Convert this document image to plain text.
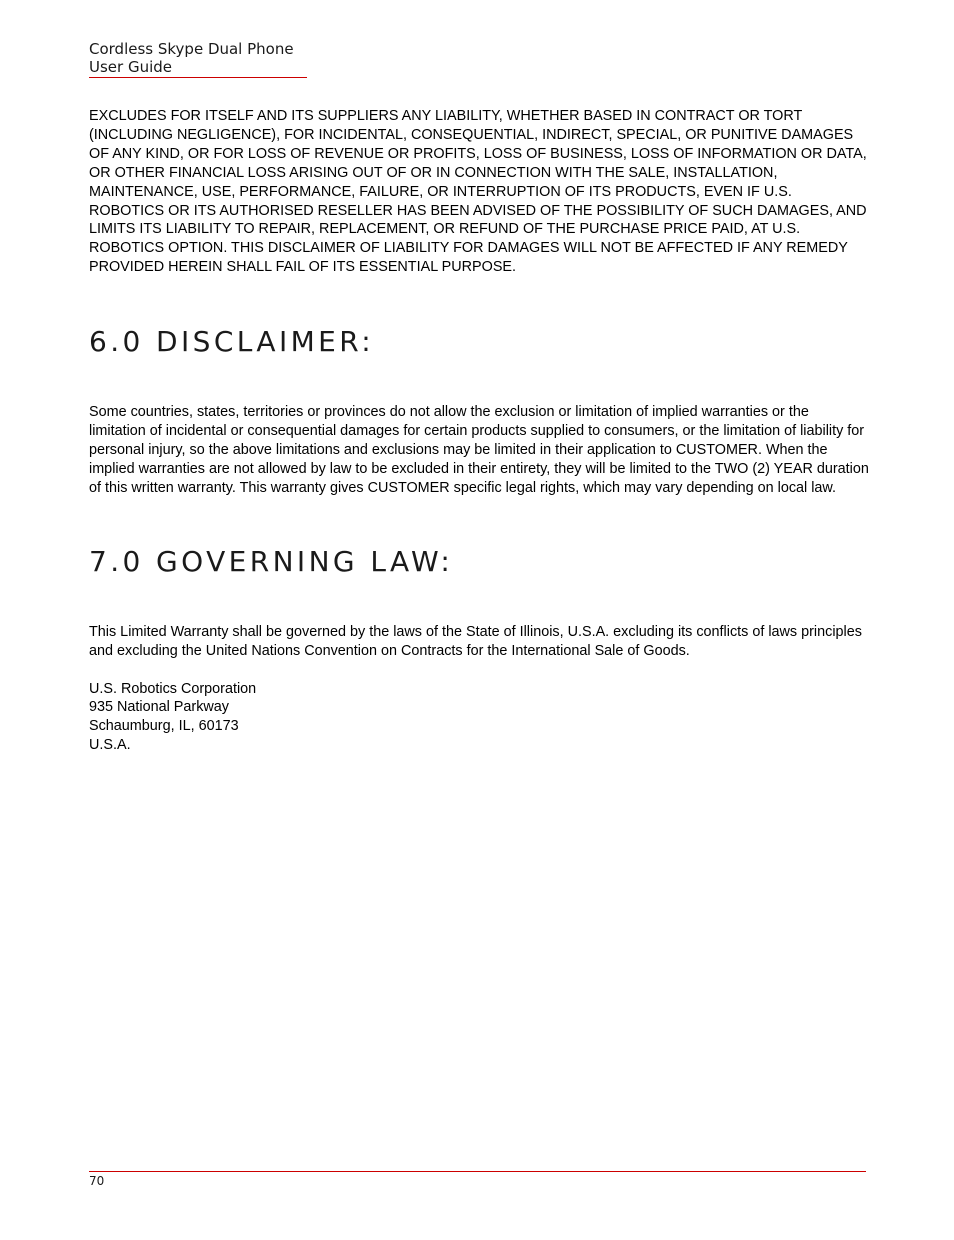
Cordless Skype Dual Phone
User Guide

EXCLUDES FOR ITSELF AND ITS SUPPLIERS ANY LIABILITY, WHETHER BASED IN CONTRACT OR TORT (INCLUDING NEGLIGENCE), FOR INCIDENTAL, CONSEQUENTIAL, INDIRECT, SPECIAL, OR PUNITIVE DAMAGES OF ANY KIND, OR FOR LOSS OF REVENUE OR PROFITS, LOSS OF BUSINESS, LOSS OF INFORMATION OR DATA, OR OTHER FINANCIAL LOSS ARISING OUT OF OR IN CONNECTION WITH THE SALE, INSTALLATION, MAINTENANCE, USE, PERFORMANCE, FAILURE, OR INTERRUPTION OF ITS PRODUCTS, EVEN IF U.S. ROBOTICS OR ITS AUTHORISED RESELLER HAS BEEN ADVISED OF THE POSSIBILITY OF SUCH DAMAGES, AND LIMITS ITS LIABILITY TO REPAIR, REPLACEMENT, OR REFUND OF THE PURCHASE PRICE PAID, AT U.S. ROBOTICS OPTION. THIS DISCLAIMER OF LIABILITY FOR DAMAGES WILL NOT BE AFFECTED IF ANY REMEDY PROVIDED HEREIN SHALL FAIL OF ITS ESSENTIAL PURPOSE.

6.0 DISCLAIMER:

Some countries, states, territories or provinces do not allow the exclusion or limitation of implied warranties or the limitation of incidental or consequential damages for certain products supplied to consumers, or the limitation of liability for personal injury, so the above limitations and exclusions may be limited in their application to CUSTOMER. When the implied warranties are not allowed by law to be excluded in their entirety, they will be limited to the TWO (2) YEAR duration of this written warranty. This warranty gives CUSTOMER specific legal rights, which may vary depending on local law.

7.0 GOVERNING LAW:

This Limited Warranty shall be governed by the laws of the State of Illinois, U.S.A. excluding its conflicts of laws principles and excluding the United Nations Convention on Contracts for the International Sale of Goods.

U.S. Robotics Corporation
935 National Parkway
Schaumburg, IL, 60173
U.S.A.
70
